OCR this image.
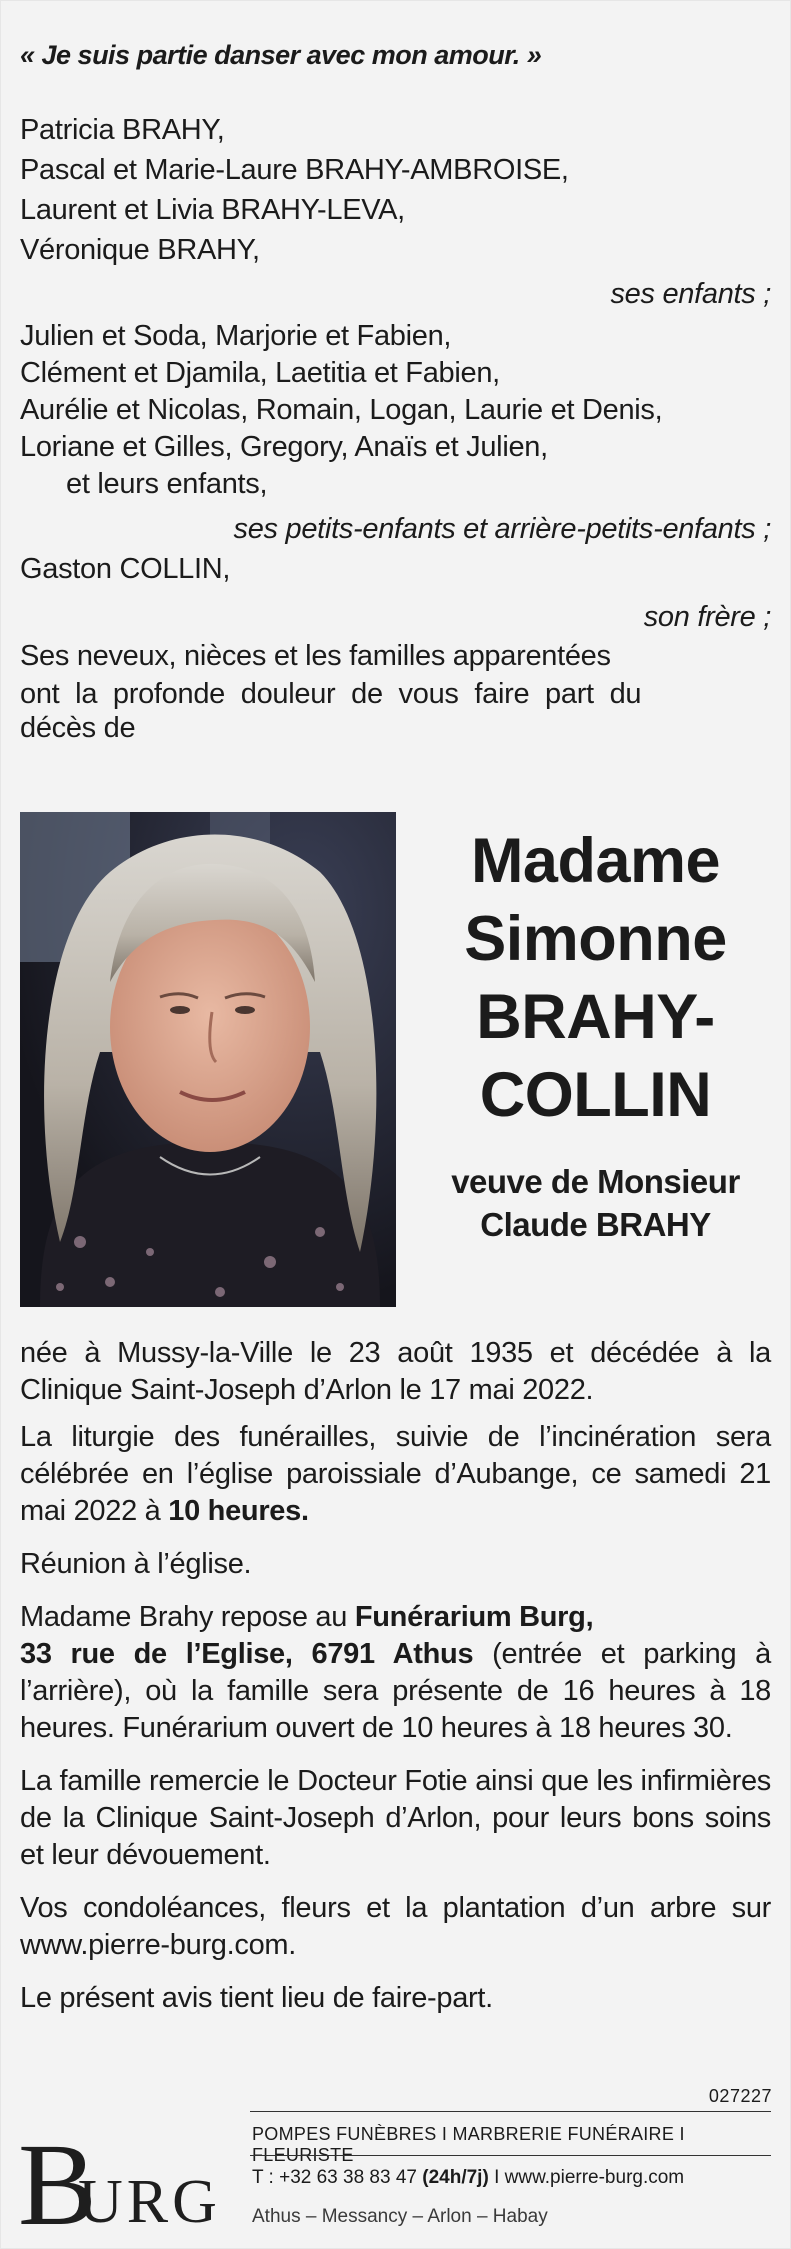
« Je suis partie danser avec mon amour. »
Patricia BRAHY,
Pascal et Marie-Laure BRAHY-AMBROISE,
Laurent et Livia BRAHY-LEVA,
Véronique BRAHY,
ses enfants ;
Julien et Soda, Marjorie et Fabien,
Clément et Djamila, Laetitia et Fabien,
Aurélie et Nicolas, Romain, Logan, Laurie et Denis,
Loriane et Gilles, Gregory, Anaïs et Julien,
et leurs enfants,
ses petits-enfants et arrière-petits-enfants ;
Gaston COLLIN,
son frère ;
Ses neveux, nièces et les familles apparentées
ont la profonde douleur de vous faire part du
décès de
Madame
Simonne
BRAHY-
COLLIN
veuve de Monsieur
Claude BRAHY

née à Mussy-la-Ville le 23 août 1935 et décédée à la Clinique Saint-Joseph d’Arlon le 17 mai 2022.

La liturgie des funérailles, suivie de l’incinération sera célébrée en l’église paroissiale d’Aubange, ce samedi 21 mai 2022 à 10 heures.

Réunion à l’église.

Madame Brahy repose au Funérarium Burg,
33 rue de l’Eglise, 6791 Athus (entrée et parking à l’arrière), où la famille sera présente de 16 heures à 18 heures. Funérarium ouvert de 10 heures à 18 heures 30.

La famille remercie le Docteur Fotie ainsi que les infirmières de la Clinique Saint-Joseph d’Arlon, pour leurs bons soins et leur dévouement.

Vos condoléances, fleurs et la plantation d’un arbre sur www.pierre-burg.com.

Le présent avis tient lieu de faire-part.

027227
B
URG
POMPES FUNÈBRES I MARBRERIE FUNÉRAIRE I FLEURISTE
T : +32 63 38 83 47 (24h/7j) I www.pierre-burg.com
Athus – Messancy – Arlon – Habay
